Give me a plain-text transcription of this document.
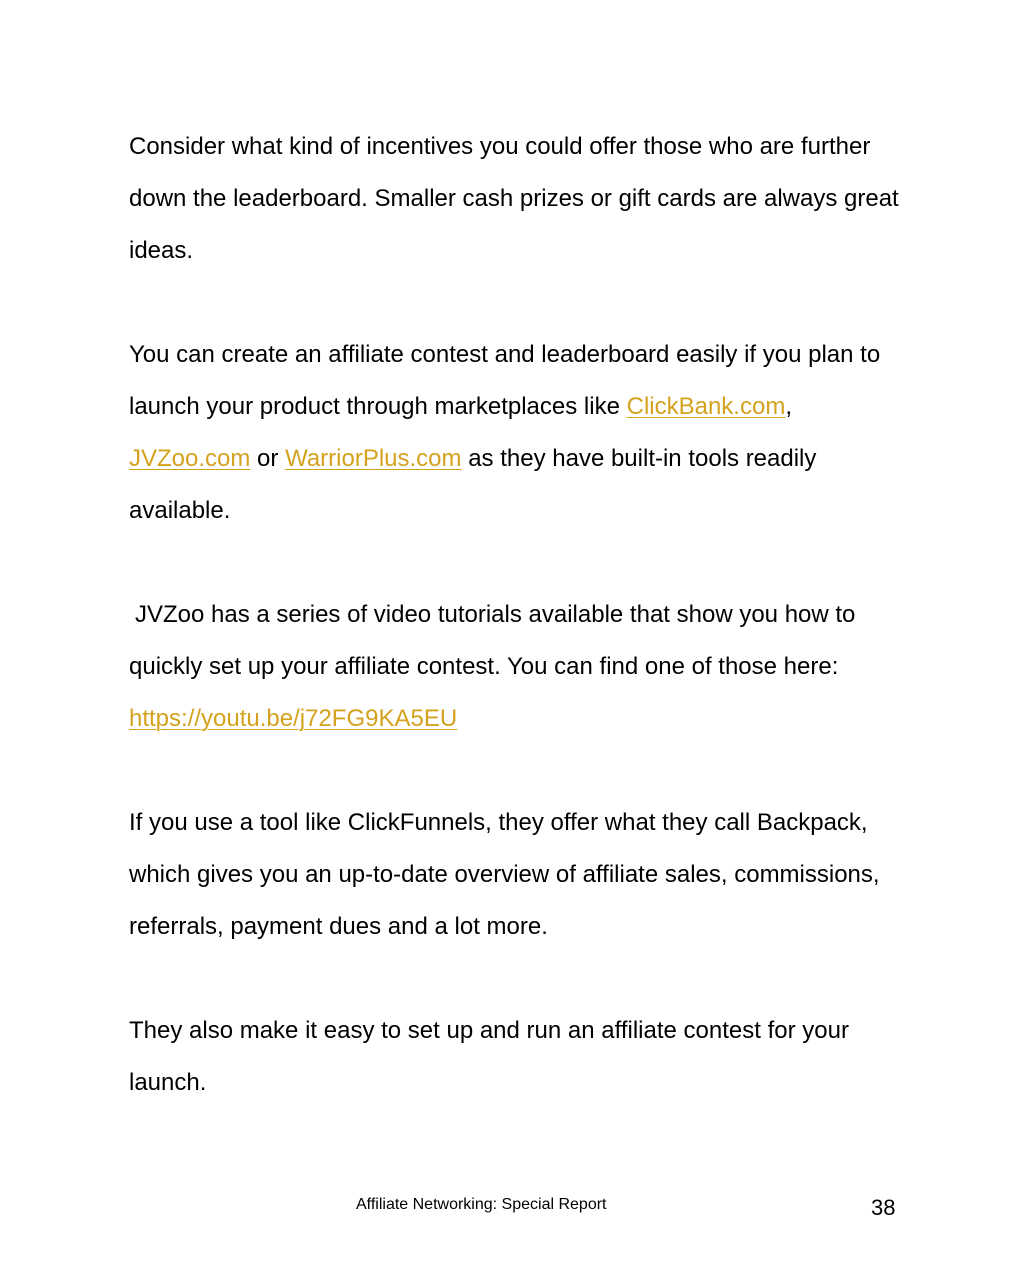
Consider what kind of incentives you could offer those who are further down the leaderboard. Smaller cash prizes or gift cards are always great ideas.

You can create an affiliate contest and leaderboard easily if you plan to launch your product through marketplaces like ClickBank.com, JVZoo.com or WarriorPlus.com as they have built-in tools readily available.

JVZoo has a series of video tutorials available that show you how to quickly set up your affiliate contest. You can find one of those here: https://youtu.be/j72FG9KA5EU

If you use a tool like ClickFunnels, they offer what they call Backpack, which gives you an up-to-date overview of affiliate sales, commissions, referrals, payment dues and a lot more.

They also make it easy to set up and run an affiliate contest for your launch.

Affiliate Networking: Special Report	38
